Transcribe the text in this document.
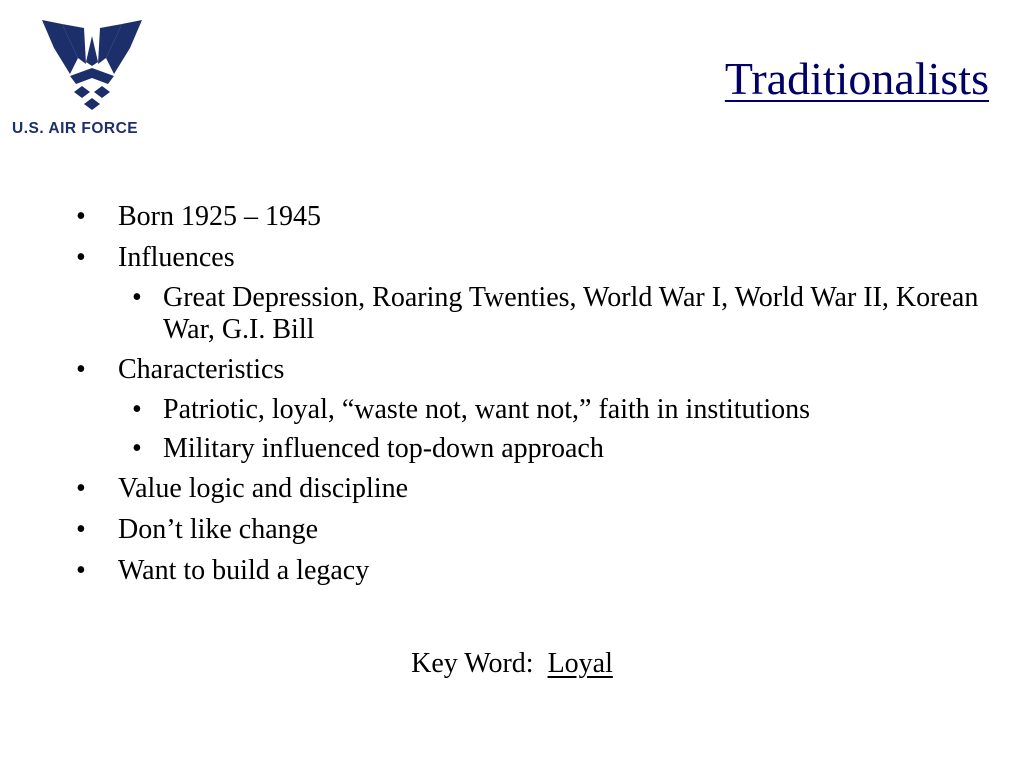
U.S. AIR FORCE
Traditionalists
• Born 1925 – 1945
• Influences
• Great Depression, Roaring Twenties, World War I, World War II, Korean War, G.I. Bill
• Characteristics
• Patriotic, loyal, “waste not, want not,” faith in institutions
• Military influenced top-down approach
• Value logic and discipline
• Don’t like change
• Want to build a legacy
Key Word: Loyal
